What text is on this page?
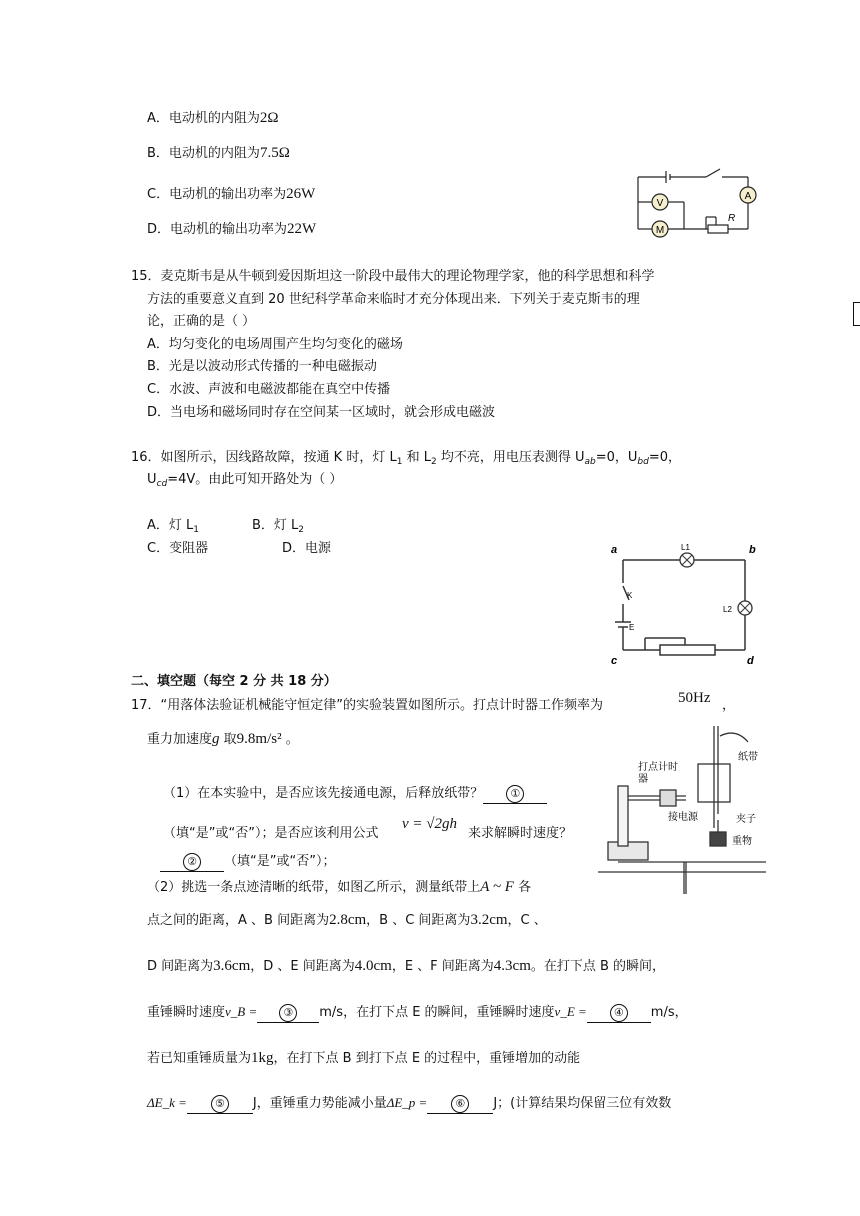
A．电动机的内阻为2Ω
B．电动机的内阻为7.5Ω
C．电动机的输出功率为26W
D．电动机的输出功率为22W
A
V
M
R
15．麦克斯韦是从牛顿到爱因斯坦这一阶段中最伟大的理论物理学家，他的科学思想和科学
方法的重要意义直到 20 世纪科学革命来临时才充分体现出来．下列关于麦克斯韦的理
论，正确的是（ ）
A．均匀变化的电场周围产生均匀变化的磁场
B．光是以波动形式传播的一种电磁振动
C．水波、声波和电磁波都能在真空中传播
D．当电场和磁场同时存在空间某一区域时，就会形成电磁波
16．如图所示，因线路故障，按通 K 时，灯 $L_1$ 和 $L_2$ 均不亮，用电压表测得 $U_{ab}=0$，$U_{bd}=0$，
$U_{cd}=4V$。由此可知开路处为（ ）
A．灯 $L_1$	B．灯 $L_2$
C．变阻器	D．电源	a	b
c	d
L1
L2
K
E
二、填空题（每空 2 分 共 18 分）
17．“用落体法验证机械能守恒定律”的实验装置如图所示。打点计时器工作频率为	50Hz ，
重力加速度g 取9.8m/s² 。
（1）在本实验中，是否应该先接通电源，后释放纸带？ ①
（填“是”或“否”）；是否应该利用公式
v = √2gh
来求解瞬时速度？
② （填“是”或“否”）；
（2）挑选一条点迹清晰的纸带，如图乙所示，测量纸带上A ~ F 各
点之间的距离，A 、B 间距离为2.8cm，B 、C 间距离为3.2cm，C 、
D 间距离为3.6cm，D 、E 间距离为4.0cm，E 、F 间距离为4.3cm。在打下点 B 的瞬间，
重锤瞬时速度v_B = ③ m/s，在打下点 E 的瞬间，重锤瞬时速度v_E = ④ m/s，
若已知重锤质量为1kg，在打下点 B 到打下点 E 的过程中，重锤增加的动能
ΔE_k =	⑤ J，重锤重力势能减小量ΔE_p =	⑥ J；(计算结果均保留三位有效数
打点计时
器
纸带
接电源	夹子
重物
